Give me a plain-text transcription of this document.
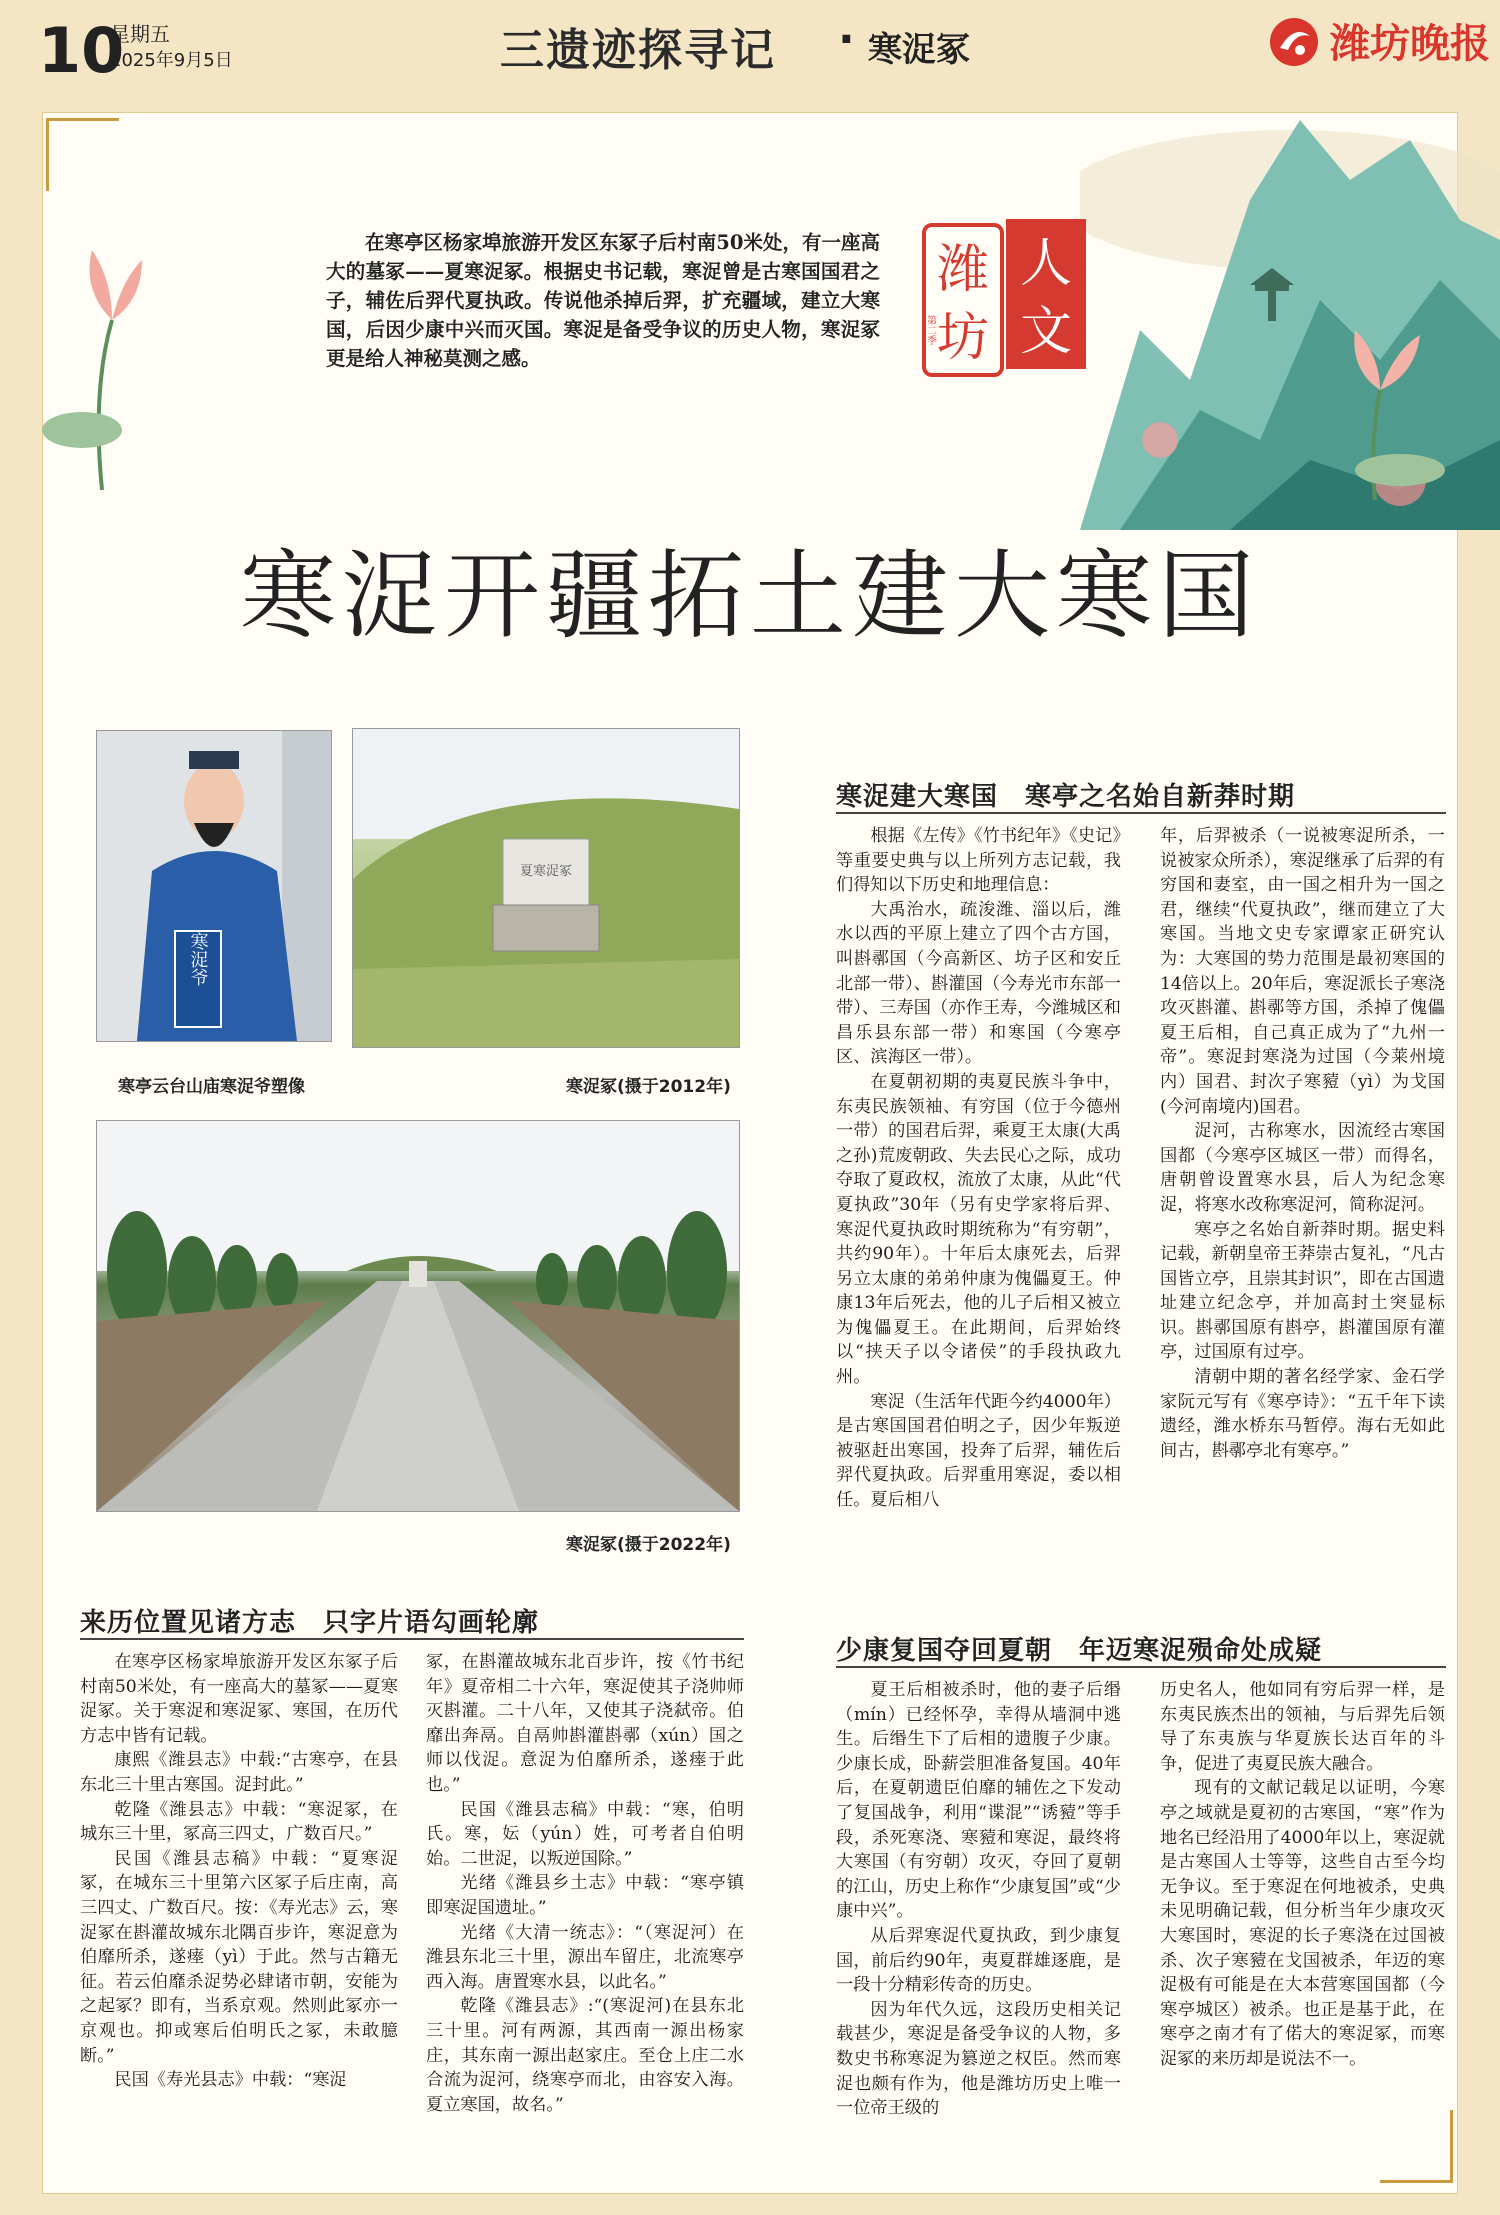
10
星期五
2025年9月5日	三遗迹探寻记 · 寒浞冢	潍坊晚报

在寒亭区杨家埠旅游开发区东冢子后村南50米处，有一座高大的墓冢——夏寒浞冢。根据史书记载，寒浞曾是古寒国国君之子，辅佐后羿代夏执政。传说他杀掉后羿，扩充疆域，建立大寒国，后因少康中兴而灭国。寒浞是备受争议的历史人物，寒浞冢更是给人神秘莫测之感。

潍
坊
人
文
第二季
寒浞开疆拓土建大寒国
寒浞爷
夏寒浞冢
寒亭云台山庙寒浞爷塑像	寒浞冢(摄于2012年)
寒浞冢(摄于2022年)
寒浞建大寒国　寒亭之名始自新莽时期
来历位置见诸方志　只字片语勾画轮廓
少康复国夺回夏朝　年迈寒浞殒命处成疑

根据《左传》《竹书纪年》《史记》等重要史典与以上所列方志记载，我们得知以下历史和地理信息：

大禹治水，疏浚潍、淄以后，潍水以西的平原上建立了四个古方国，叫斟鄩国（今高新区、坊子区和安丘北部一带）、斟灌国（今寿光市东部一带）、三寿国（亦作王寿，今潍城区和昌乐县东部一带）和寒国（今寒亭区、滨海区一带）。

在夏朝初期的夷夏民族斗争中，东夷民族领袖、有穷国（位于今德州一带）的国君后羿，乘夏王太康(大禹之孙)荒废朝政、失去民心之际，成功夺取了夏政权，流放了太康，从此“代夏执政”30年（另有史学家将后羿、寒浞代夏执政时期统称为“有穷朝”，共约90年）。十年后太康死去，后羿另立太康的弟弟仲康为傀儡夏王。仲康13年后死去，他的儿子后相又被立为傀儡夏王。在此期间，后羿始终以“挟天子以令诸侯”的手段执政九州。

寒浞（生活年代距今约4000年）是古寒国国君伯明之子，因少年叛逆被驱赶出寒国，投奔了后羿，辅佐后羿代夏执政。后羿重用寒浞，委以相任。夏后相八

年，后羿被杀（一说被寒浞所杀，一说被家众所杀），寒浞继承了后羿的有穷国和妻室，由一国之相升为一国之君，继续“代夏执政”，继而建立了大寒国。当地文史专家谭家正研究认为：大寒国的势力范围是最初寒国的14倍以上。20年后，寒浞派长子寒浇攻灭斟灌、斟鄩等方国，杀掉了傀儡夏王后相，自己真正成为了“九州一帝”。寒浞封寒浇为过国（今莱州境内）国君、封次子寒豷（yì）为戈国(今河南境内)国君。

浞河，古称寒水，因流经古寒国国都（今寒亭区城区一带）而得名，唐朝曾设置寒水县，后人为纪念寒浞，将寒水改称寒浞河，简称浞河。

寒亭之名始自新莽时期。据史料记载，新朝皇帝王莽崇古复礼，“凡古国皆立亭，且崇其封识”，即在古国遗址建立纪念亭，并加高封土突显标识。斟鄩国原有斟亭，斟灌国原有灌亭，过国原有过亭。

清朝中期的著名经学家、金石学家阮元写有《寒亭诗》：“五千年下读遗经，潍水桥东马暂停。海右无如此间古，斟鄩亭北有寒亭。”

夏王后相被杀时，他的妻子后缗（mín）已经怀孕，幸得从墙洞中逃生。后缗生下了后相的遗腹子少康。少康长成，卧薪尝胆准备复国。40年后，在夏朝遗臣伯靡的辅佐之下发动了复国战争，利用“谍混”“诱豷”等手段，杀死寒浇、寒豷和寒浞，最终将大寒国（有穷朝）攻灭，夺回了夏朝的江山，历史上称作“少康复国”或“少康中兴”。

从后羿寒浞代夏执政，到少康复国，前后约90年，夷夏群雄逐鹿，是一段十分精彩传奇的历史。

因为年代久远，这段历史相关记载甚少，寒浞是备受争议的人物，多数史书称寒浞为篡逆之权臣。然而寒浞也颇有作为，他是潍坊历史上唯一一位帝王级的

历史名人，他如同有穷后羿一样，是东夷民族杰出的领袖，与后羿先后领导了东夷族与华夏族长达百年的斗争，促进了夷夏民族大融合。

现有的文献记载足以证明，今寒亭之域就是夏初的古寒国，“寒”作为地名已经沿用了4000年以上，寒浞就是古寒国人士等等，这些自古至今均无争议。至于寒浞在何地被杀，史典未见明确记载，但分析当年少康攻灭大寒国时，寒浞的长子寒浇在过国被杀、次子寒豷在戈国被杀，年迈的寒浞极有可能是在大本营寒国国都（今寒亭城区）被杀。也正是基于此，在寒亭之南才有了偌大的寒浞冢，而寒浞冢的来历却是说法不一。

在寒亭区杨家埠旅游开发区东冢子后村南50米处，有一座高大的墓冢——夏寒浞冢。关于寒浞和寒浞冢、寒国，在历代方志中皆有记载。

康熙《潍县志》中载:“古寒亭，在县东北三十里古寒国。浞封此。”

乾隆《潍县志》中载：“寒浞冢，在城东三十里，冢高三四丈，广数百尺。”

民国《潍县志稿》中载：“夏寒浞冢，在城东三十里第六区冢子后庄南，高三四丈、广数百尺。按：《寿光志》云，寒浞冢在斟灌故城东北隅百步许，寒浞意为伯靡所杀，遂瘗（yì）于此。然与古籍无征。若云伯靡杀浞势必肆诸市朝，安能为之起冢？即有，当系京观。然则此冢亦一京观也。抑或寒后伯明氏之冢，未敢臆断。”

民国《寿光县志》中载：“寒浞

冢，在斟灌故城东北百步许，按《竹书纪年》夏帝相二十六年，寒浞使其子浇帅师灭斟灌。二十八年，又使其子浇弑帝。伯靡出奔鬲。自鬲帅斟灌斟鄩（xún）国之师以伐浞。意浞为伯靡所杀，遂瘗于此也。”

民国《潍县志稿》中载：“寒，伯明氏。寒，妘（yún）姓，可考者自伯明始。二世浞，以叛逆国除。”

光绪《潍县乡土志》中载：“寒亭镇即寒浞国遗址。”

光绪《大清一统志》：“（寒浞河）在潍县东北三十里，源出车留庄，北流寒亭西入海。唐置寒水县，以此名。”

乾隆《潍县志》:“(寒浞河)在县东北三十里。河有两源，其西南一源出杨家庄，其东南一源出赵家庄。至仓上庄二水合流为浞河，绕寒亭而北，由容安入海。夏立寒国，故名。”
